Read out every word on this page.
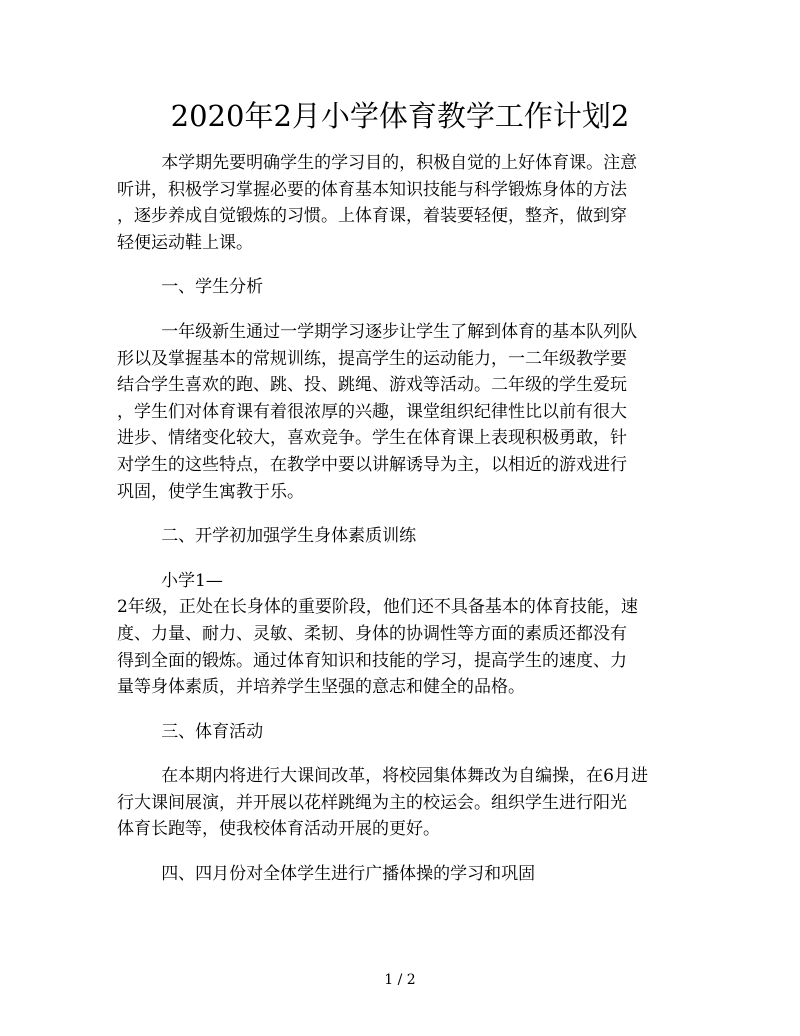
2020年2月小学体育教学工作计划2
本学期先要明确学生的学习目的，积极自觉的上好体育课。注意
听讲，积极学习掌握必要的体育基本知识技能与科学锻炼身体的方法
，逐步养成自觉锻炼的习惯。上体育课，着装要轻便，整齐，做到穿
轻便运动鞋上课。
一、学生分析
一年级新生通过一学期学习逐步让学生了解到体育的基本队列队
形以及掌握基本的常规训练，提高学生的运动能力，一二年级教学要
结合学生喜欢的跑、跳、投、跳绳、游戏等活动。二年级的学生爱玩
，学生们对体育课有着很浓厚的兴趣，课堂组织纪律性比以前有很大
进步、情绪变化较大，喜欢竞争。学生在体育课上表现积极勇敢，针
对学生的这些特点，在教学中要以讲解诱导为主，以相近的游戏进行
巩固，使学生寓教于乐。
二、开学初加强学生身体素质训练
小学1—
2年级，正处在长身体的重要阶段，他们还不具备基本的体育技能，速
度、力量、耐力、灵敏、柔韧、身体的协调性等方面的素质还都没有
得到全面的锻炼。通过体育知识和技能的学习，提高学生的速度、力
量等身体素质，并培养学生坚强的意志和健全的品格。
三、体育活动
在本期内将进行大课间改革，将校园集体舞改为自编操，在6月进
行大课间展演，并开展以花样跳绳为主的校运会。组织学生进行阳光
体育长跑等，使我校体育活动开展的更好。
四、四月份对全体学生进行广播体操的学习和巩固
1 / 2
